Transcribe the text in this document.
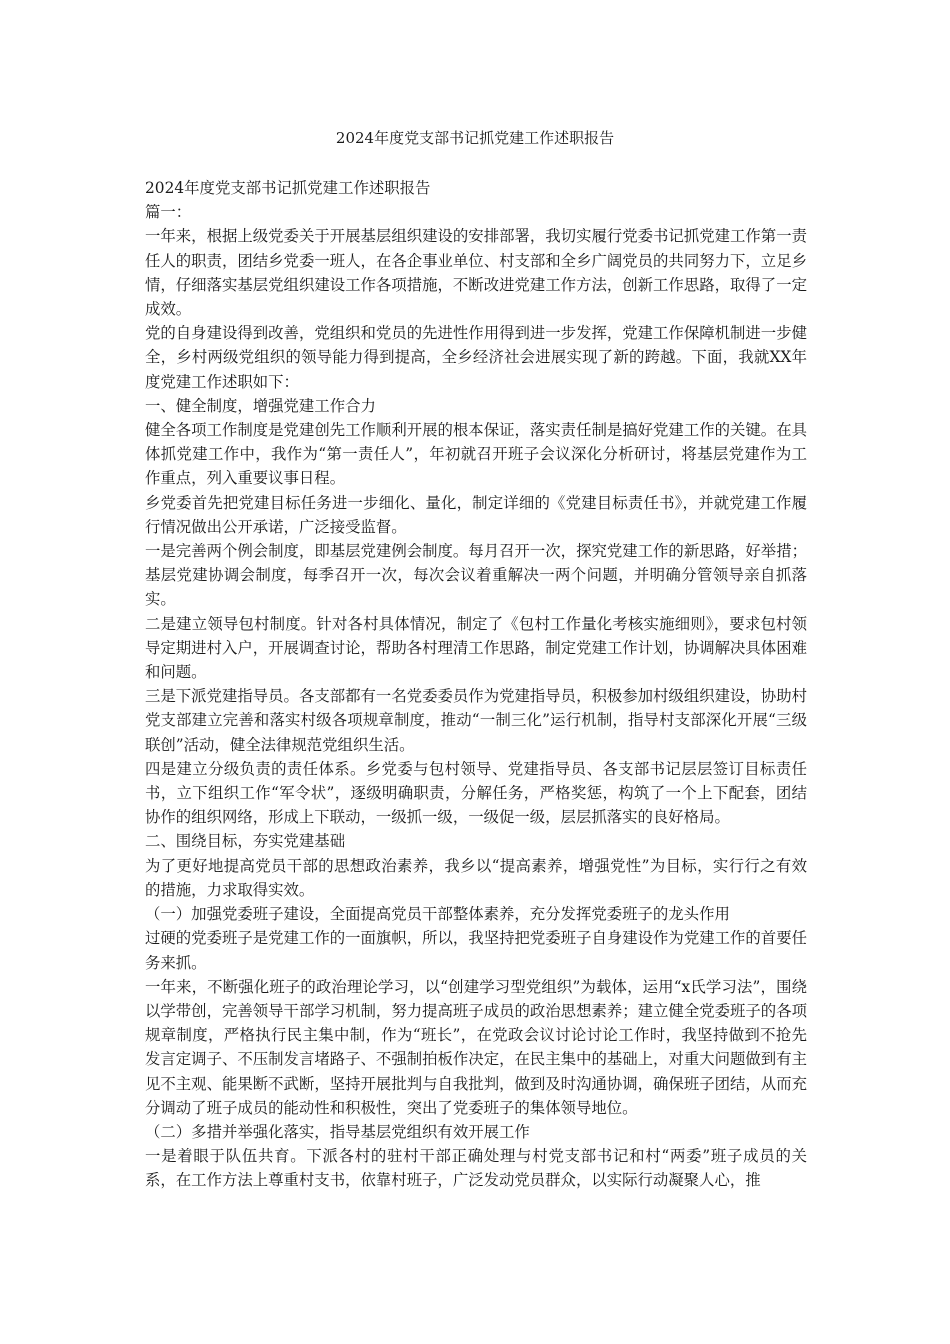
2024年度党支部书记抓党建工作述职报告

2024年度党支部书记抓党建工作述职报告

篇一：

一年来，根据上级党委关于开展基层组织建设的安排部署，我切实履行党委书记抓党建工作第一责任人的职责，团结乡党委一班人，在各企事业单位、村支部和全乡广阔党员的共同努力下，立足乡情，仔细落实基层党组织建设工作各项措施，不断改进党建工作方法，创新工作思路，取得了一定成效。

党的自身建设得到改善，党组织和党员的先进性作用得到进一步发挥，党建工作保障机制进一步健全，乡村两级党组织的领导能力得到提高，全乡经济社会进展实现了新的跨越。下面，我就XX年度党建工作述职如下：

一、健全制度，增强党建工作合力

健全各项工作制度是党建创先工作顺利开展的根本保证，落实责任制是搞好党建工作的关键。在具体抓党建工作中，我作为“第一责任人”，年初就召开班子会议深化分析研讨，将基层党建作为工作重点，列入重要议事日程。

乡党委首先把党建目标任务进一步细化、量化，制定详细的《党建目标责任书》，并就党建工作履行情况做出公开承诺，广泛接受监督。

一是完善两个例会制度，即基层党建例会制度。每月召开一次，探究党建工作的新思路，好举措；基层党建协调会制度，每季召开一次，每次会议着重解决一两个问题，并明确分管领导亲自抓落实。

二是建立领导包村制度。针对各村具体情况，制定了《包村工作量化考核实施细则》，要求包村领导定期进村入户，开展调查讨论，帮助各村理清工作思路，制定党建工作计划，协调解决具体困难和问题。

三是下派党建指导员。各支部都有一名党委委员作为党建指导员，积极参加村级组织建设，协助村党支部建立完善和落实村级各项规章制度，推动“一制三化”运行机制，指导村支部深化开展“三级联创”活动，健全法律规范党组织生活。

四是建立分级负责的责任体系。乡党委与包村领导、党建指导员、各支部书记层层签订目标责任书，立下组织工作“军令状”，逐级明确职责，分解任务，严格奖惩，构筑了一个上下配套，团结协作的组织网络，形成上下联动，一级抓一级，一级促一级，层层抓落实的良好格局。

二、围绕目标，夯实党建基础

为了更好地提高党员干部的思想政治素养，我乡以“提高素养，增强党性”为目标，实行行之有效的措施，力求取得实效。

（一）加强党委班子建设，全面提高党员干部整体素养，充分发挥党委班子的龙头作用

过硬的党委班子是党建工作的一面旗帜，所以，我坚持把党委班子自身建设作为党建工作的首要任务来抓。

一年来，不断强化班子的政治理论学习，以“创建学习型党组织”为载体，运用“x氏学习法”，围绕以学带创，完善领导干部学习机制，努力提高班子成员的政治思想素养；建立健全党委班子的各项规章制度，严格执行民主集中制，作为“班长”，在党政会议讨论讨论工作时，我坚持做到不抢先发言定调子、不压制发言堵路子、不强制拍板作决定，在民主集中的基础上，对重大问题做到有主见不主观、能果断不武断，坚持开展批判与自我批判，做到及时沟通协调，确保班子团结，从而充分调动了班子成员的能动性和积极性，突出了党委班子的集体领导地位。

（二）多措并举强化落实，指导基层党组织有效开展工作

一是着眼于队伍共育。下派各村的驻村干部正确处理与村党支部书记和村“两委”班子成员的关系，在工作方法上尊重村支书，依靠村班子，广泛发动党员群众，以实际行动凝聚人心，推
